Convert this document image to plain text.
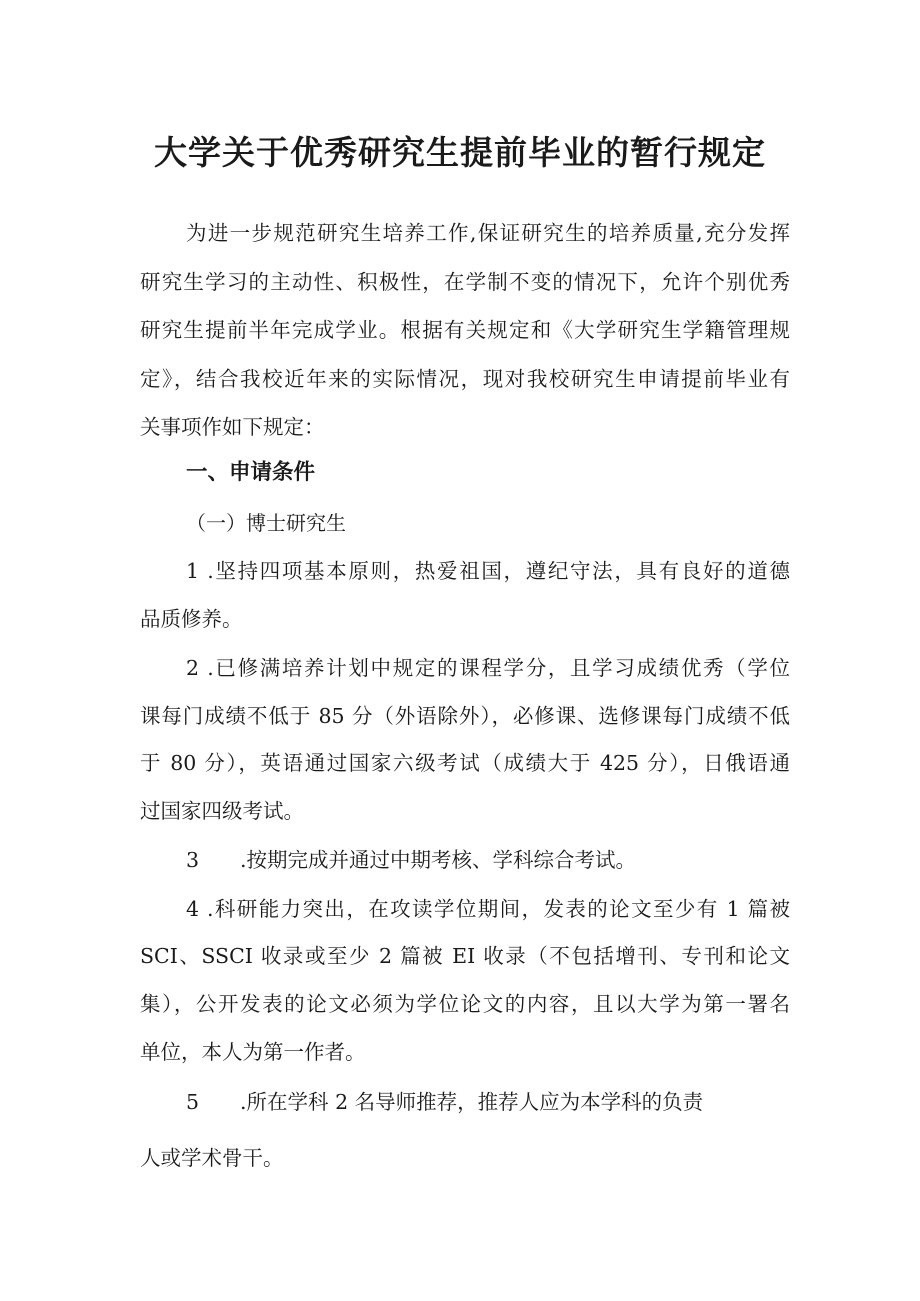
大学关于优秀研究生提前毕业的暂行规定

为进一步规范研究生培养工作,保证研究生的培养质量,充分发挥

研究生学习的主动性、积极性，在学制不变的情况下，允许个别优秀

研究生提前半年完成学业。根据有关规定和《大学研究生学籍管理规

定》，结合我校近年来的实际情况，现对我校研究生申请提前毕业有

关事项作如下规定：

一、申请条件

（一）博士研究生

1 .坚持四项基本原则，热爱祖国，遵纪守法，具有良好的道德

品质修养。

2 .已修满培养计划中规定的课程学分，且学习成绩优秀（学位

课每门成绩不低于 85 分（外语除外），必修课、选修课每门成绩不低

于 80 分），英语通过国家六级考试（成绩大于 425 分），日俄语通

过国家四级考试。

3　　.按期完成并通过中期考核、学科综合考试。

4 .科研能力突出，在攻读学位期间，发表的论文至少有 1 篇被

SCI、SSCI 收录或至少 2 篇被 EI 收录（不包括增刊、专刊和论文

集），公开发表的论文必须为学位论文的内容，且以大学为第一署名

单位，本人为第一作者。

5　　.所在学科 2 名导师推荐，推荐人应为本学科的负责

人或学术骨干。
